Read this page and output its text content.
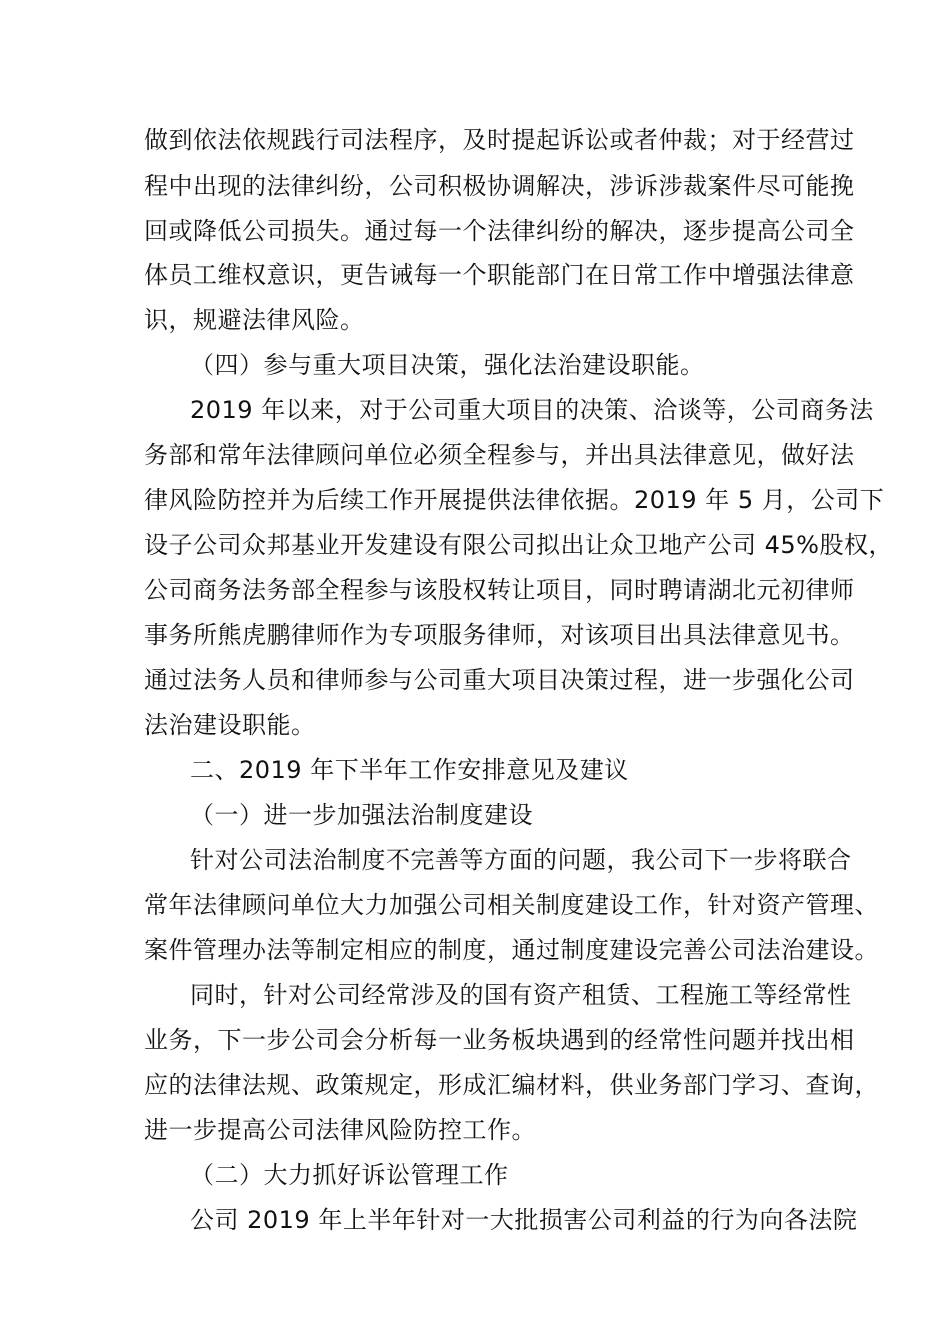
做到依法依规践行司法程序，及时提起诉讼或者仲裁；对于经营过
程中出现的法律纠纷，公司积极协调解决，涉诉涉裁案件尽可能挽
回或降低公司损失。通过每一个法律纠纷的解决，逐步提高公司全
体员工维权意识，更告诫每一个职能部门在日常工作中增强法律意
识，规避法律风险。
（四）参与重大项目决策，强化法治建设职能。
2019 年以来，对于公司重大项目的决策、洽谈等，公司商务法
务部和常年法律顾问单位必须全程参与，并出具法律意见，做好法
律风险防控并为后续工作开展提供法律依据。2019 年 5 月，公司下
设子公司众邦基业开发建设有限公司拟出让众卫地产公司 45%股权，
公司商务法务部全程参与该股权转让项目，同时聘请湖北元初律师
事务所熊虎鹏律师作为专项服务律师，对该项目出具法律意见书。
通过法务人员和律师参与公司重大项目决策过程，进一步强化公司
法治建设职能。
二、2019 年下半年工作安排意见及建议
（一）进一步加强法治制度建设
针对公司法治制度不完善等方面的问题，我公司下一步将联合
常年法律顾问单位大力加强公司相关制度建设工作，针对资产管理、
案件管理办法等制定相应的制度，通过制度建设完善公司法治建设。
同时，针对公司经常涉及的国有资产租赁、工程施工等经常性
业务，下一步公司会分析每一业务板块遇到的经常性问题并找出相
应的法律法规、政策规定，形成汇编材料，供业务部门学习、查询，
进一步提高公司法律风险防控工作。
（二）大力抓好诉讼管理工作
公司 2019 年上半年针对一大批损害公司利益的行为向各法院
